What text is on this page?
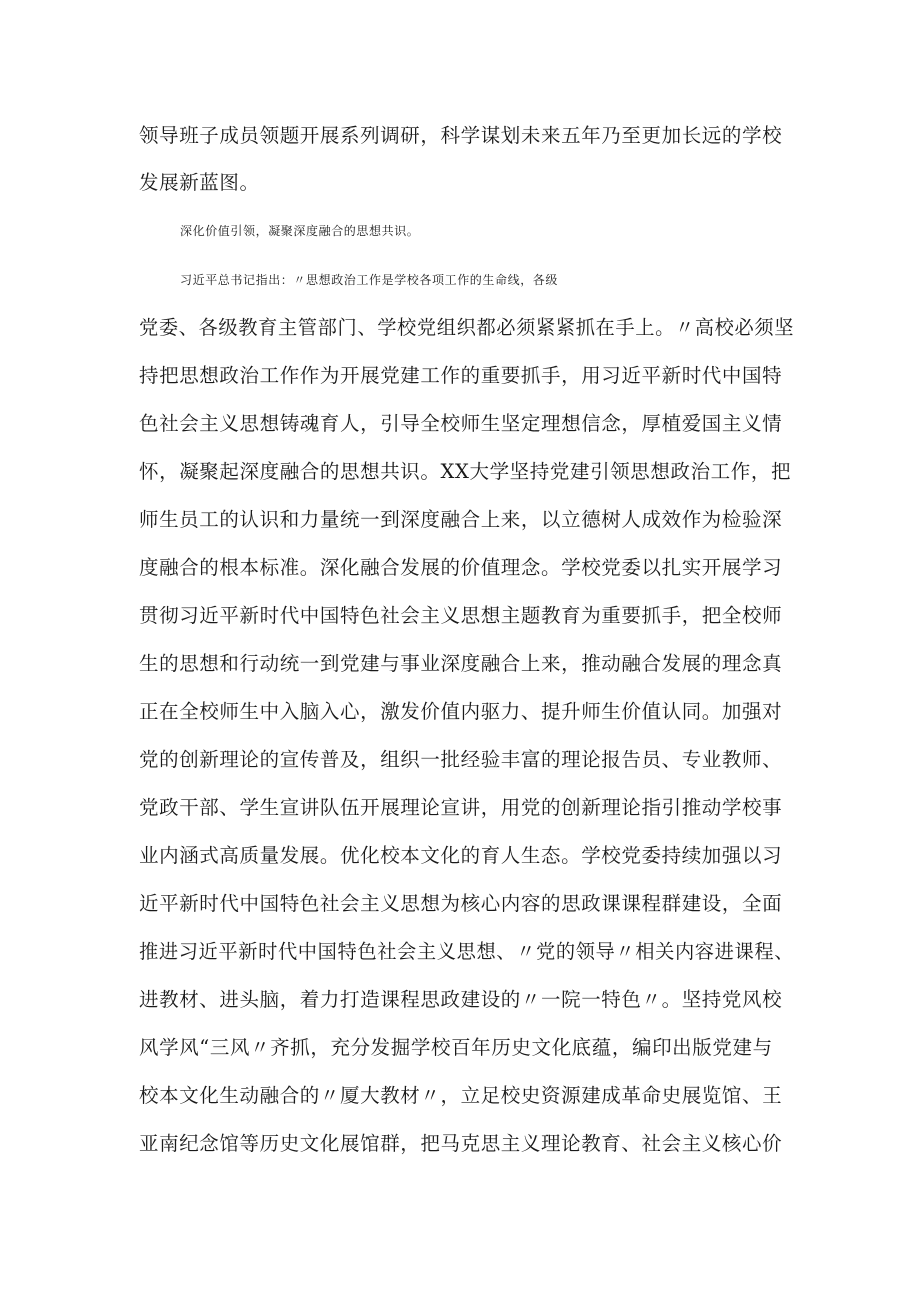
领导班子成员领题开展系列调研，科学谋划未来五年乃至更加长远的学校
发展新蓝图。
深化价值引领，凝聚深度融合的思想共识。
习近平总书记指出：〃思想政治工作是学校各项工作的生命线，各级
党委、各级教育主管部门、学校党组织都必须紧紧抓在手上。〃高校必须坚
持把思想政治工作作为开展党建工作的重要抓手，用习近平新时代中国特
色社会主义思想铸魂育人，引导全校师生坚定理想信念，厚植爱国主义情
怀，凝聚起深度融合的思想共识。XX大学坚持党建引领思想政治工作，把
师生员工的认识和力量统一到深度融合上来，以立德树人成效作为检验深
度融合的根本标准。深化融合发展的价值理念。学校党委以扎实开展学习
贯彻习近平新时代中国特色社会主义思想主题教育为重要抓手，把全校师
生的思想和行动统一到党建与事业深度融合上来，推动融合发展的理念真
正在全校师生中入脑入心，激发价值内驱力、提升师生价值认同。加强对
党的创新理论的宣传普及，组织一批经验丰富的理论报告员、专业教师、
党政干部、学生宣讲队伍开展理论宣讲，用党的创新理论指引推动学校事
业内涵式高质量发展。优化校本文化的育人生态。学校党委持续加强以习
近平新时代中国特色社会主义思想为核心内容的思政课课程群建设，全面
推进习近平新时代中国特色社会主义思想、〃党的领导〃相关内容进课程、
进教材、进头脑，着力打造课程思政建设的〃一院一特色〃。坚持党风校
风学风“三风〃齐抓，充分发掘学校百年历史文化底蕴，编印出版党建与
校本文化生动融合的〃厦大教材〃，立足校史资源建成革命史展览馆、王
亚南纪念馆等历史文化展馆群，把马克思主义理论教育、社会主义核心价
